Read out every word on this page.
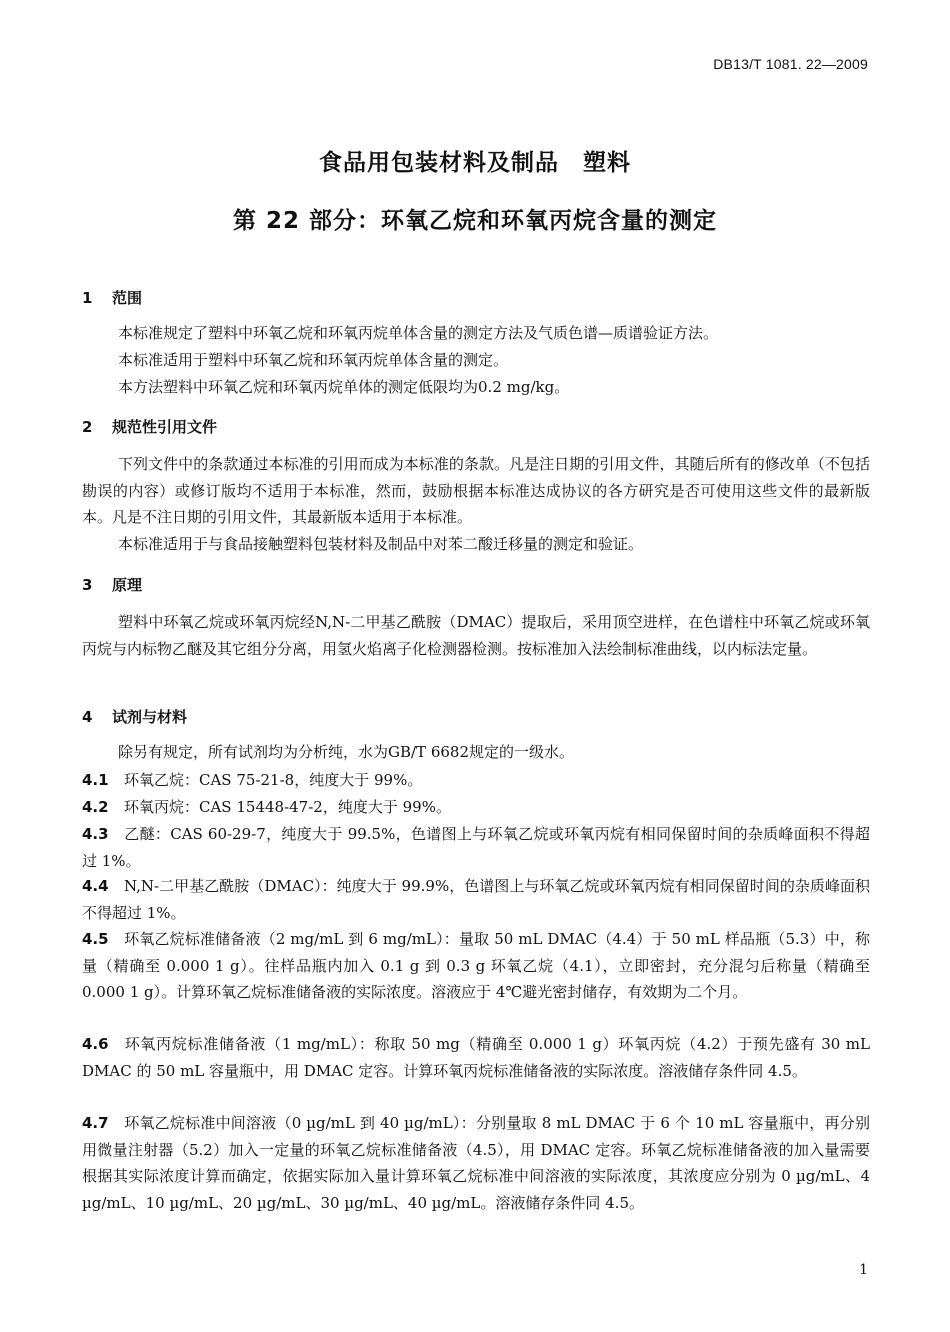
DB13/T 1081. 22—2009
食品用包装材料及制品　塑料
第 22 部分：环氧乙烷和环氧丙烷含量的测定
1 范围
本标准规定了塑料中环氧乙烷和环氧丙烷单体含量的测定方法及气质色谱—质谱验证方法。
本标准适用于塑料中环氧乙烷和环氧丙烷单体含量的测定。
本方法塑料中环氧乙烷和环氧丙烷单体的测定低限均为0.2 mg/kg。
2 规范性引用文件
下列文件中的条款通过本标准的引用而成为本标准的条款。凡是注日期的引用文件，其随后所有的修改单（不包括勘误的内容）或修订版均不适用于本标准，然而，鼓励根据本标准达成协议的各方研究是否可使用这些文件的最新版本。凡是不注日期的引用文件，其最新版本适用于本标准。
本标准适用于与食品接触塑料包装材料及制品中对苯二酸迁移量的测定和验证。
3 原理
塑料中环氧乙烷或环氧丙烷经N,N-二甲基乙酰胺（DMAC）提取后，采用顶空进样，在色谱柱中环氧乙烷或环氧丙烷与内标物乙醚及其它组分分离，用氢火焰离子化检测器检测。按标准加入法绘制标准曲线，以内标法定量。
4 试剂与材料
除另有规定，所有试剂均为分析纯，水为GB/T 6682规定的一级水。
4.1 环氧乙烷：CAS 75-21-8，纯度大于 99%。
4.2 环氧丙烷：CAS 15448-47-2，纯度大于 99%。
4.3 乙醚：CAS 60-29-7，纯度大于 99.5%，色谱图上与环氧乙烷或环氧丙烷有相同保留时间的杂质峰面积不得超过 1%。
4.4 N,N-二甲基乙酰胺（DMAC）：纯度大于 99.9%，色谱图上与环氧乙烷或环氧丙烷有相同保留时间的杂质峰面积不得超过 1%。
4.5 环氧乙烷标准储备液（2 mg/mL 到 6 mg/mL）：量取 50 mL DMAC（4.4）于 50 mL 样品瓶（5.3）中，称量（精确至 0.000 1 g）。往样品瓶内加入 0.1 g 到 0.3 g 环氧乙烷（4.1），立即密封，充分混匀后称量（精确至 0.000 1 g）。计算环氧乙烷标准储备液的实际浓度。溶液应于 4℃避光密封储存，有效期为二个月。
4.6 环氧丙烷标准储备液（1 mg/mL）：称取 50 mg（精确至 0.000 1 g）环氧丙烷（4.2）于预先盛有 30 mL DMAC 的 50 mL 容量瓶中，用 DMAC 定容。计算环氧丙烷标准储备液的实际浓度。溶液储存条件同 4.5。
4.7 环氧乙烷标准中间溶液（0 µg/mL 到 40 µg/mL）：分别量取 8 mL DMAC 于 6 个 10 mL 容量瓶中，再分别用微量注射器（5.2）加入一定量的环氧乙烷标准储备液（4.5），用 DMAC 定容。环氧乙烷标准储备液的加入量需要根据其实际浓度计算而确定，依据实际加入量计算环氧乙烷标准中间溶液的实际浓度，其浓度应分别为 0 µg/mL、4 µg/mL、10 µg/mL、20 µg/mL、30 µg/mL、40 µg/mL。溶液储存条件同 4.5。
1
